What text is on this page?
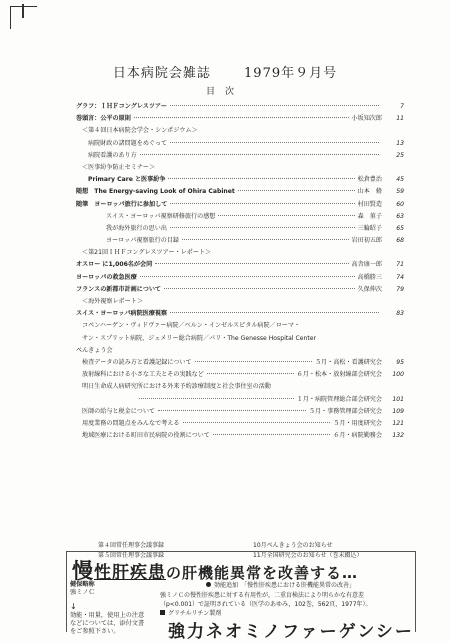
日本病院会雑誌	1979年９月号
目次
グラフ：ＩＨＦコングレスツアー	7
巻頭言：公平の原則	小坂知次郎	11
＜第４回日本病院会学会・シンポジウム＞
病院財政の諸問題をめぐって	13
病院看護のあり方	25
＜医事紛争防止セミナー＞
Primary Care と医事紛争	松倉豊治	45
随想　The Energy-saving Look of Ohira Cabinet	山本　脩	59
随筆　ヨーロッパ旅行に参加して	村田賢造	60
スイス・ヨーロッパ視察研修旅行の感想	森　菫子	63
我が海外旅行の思い出	三輪昭子	65
ヨーロッパ視察旅行の目録	岩田初五郎	68
＜第21回ＩＨＦコングレスツアー・レポート＞
オスロー に1,006名が会同	高舎康一郎	71
ヨーロッパの救急医療	高橋勝三	74
フランスの新都市計画について	久保伸次	79
＜海外視察レポート＞
スイス・ヨーロッパ病院医療視察	83
コペンハーゲン・ヴィドヴァー病院／ベルン・インゼルスピタル病院／ローマ・
サン・スプリット病院，ジェメリー総合病院／パリ・The Genesse Hospital Center
ぺんきょう会
検査データの読み方と看護記録について	５月・高松・看護研究会	95
放射線科における小さな工夫とその実践など	６月・松本・放射線部会研究会	100
明日生命成人病研究所における外来予約診療制度と社会事住室の活動
１月・病院管理総合部会研究会	101
医師の給与と税金について	５月・事務管理部会研究会	109
用度業務の問題点をみんなで考える	５月・用度研究会	121
地域医療における町田市民病院の役割について	６月・病院勤務会	132
第４回常任理事会議事録	10月ぺんきょう会のお知らせ
第５回常任理事会議事録	11月全国研究会のお知らせ（巻末綴込）
慢性肝疾患の肝機能異常を改善する…
効能追加　 「慢性肝疾患における肝機能異常の改善」
健保略称
強ミノＣ	強ミノＣの慢性肝疾患に対する有用性が，二重盲検法により明らかな有意差
（p<0.001）で証明されている（医学のあゆみ，102巻，562頁，1977年）。
↓
効能・用量，使用上の注意などについては，添付文書をご参照下さい。
グリチルリチン製剤
強力ネオミノファーゲンシー
